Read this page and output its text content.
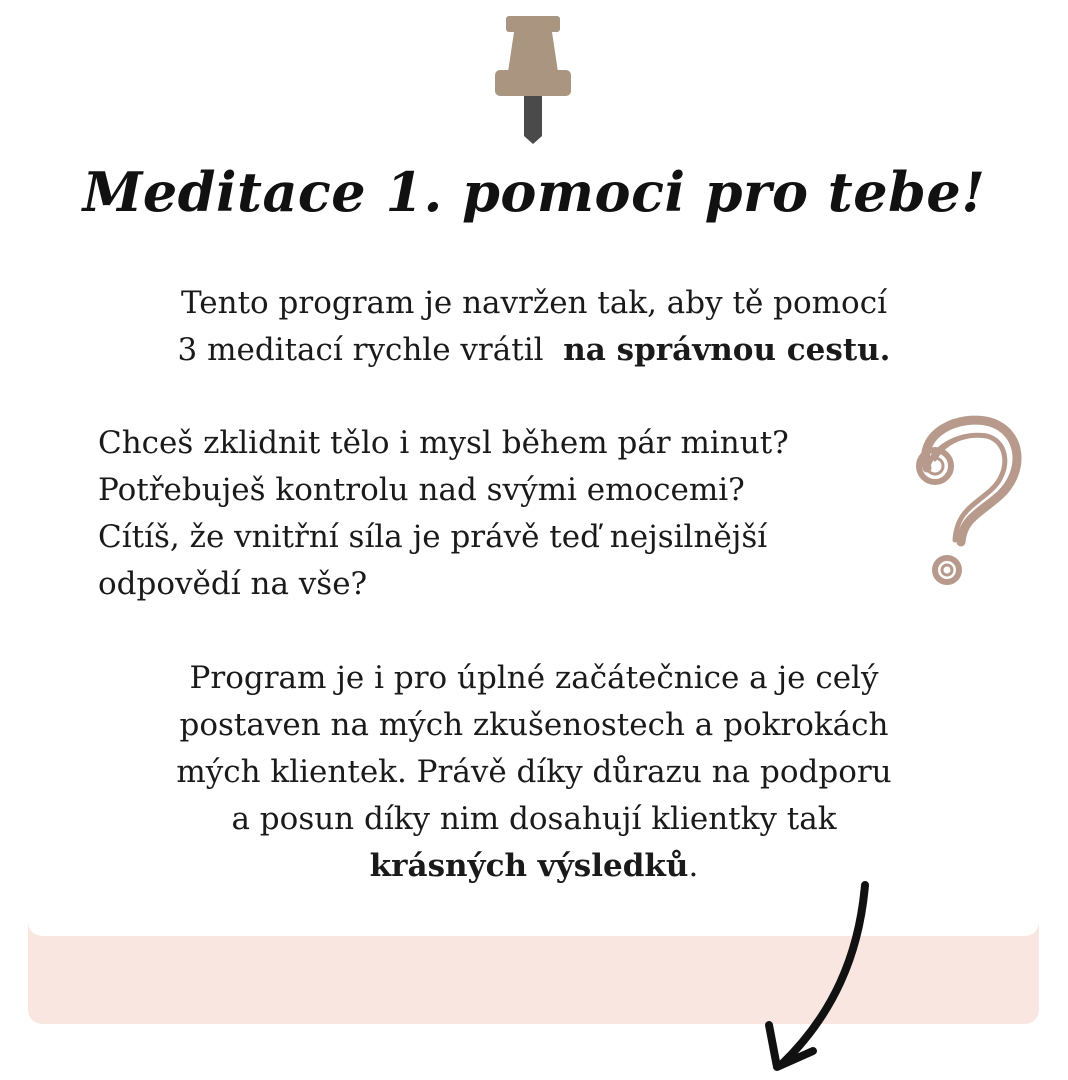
Meditace 1. pomoci pro tebe!

Tento program je navržen tak, aby tě pomocí
3 meditací rychle vrátil na správnou cestu.

Chceš zklidnit tělo i mysl během pár minut?
Potřebuješ kontrolu nad svými emocemi?
Cítíš, že vnitřní síla je právě teď nejsilnější
odpovědí na vše?

Program je i pro úplné začátečnice a je celý
postaven na mých zkušenostech a pokrokách
mých klientek. Právě díky důrazu na podporu
a posun díky nim dosahují klientky tak
krásných výsledků.
